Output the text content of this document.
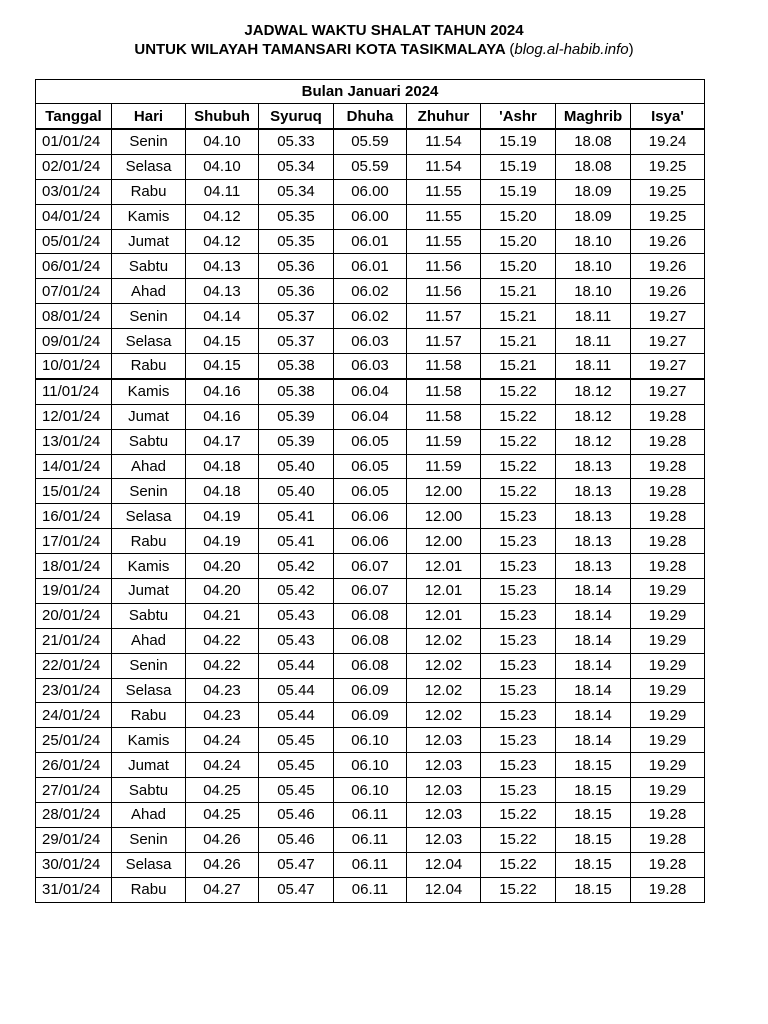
JADWAL WAKTU SHALAT TAHUN 2024
UNTUK WILAYAH TAMANSARI KOTA TASIKMALAYA (blog.al-habib.info)
Bulan Januari 2024								
Tanggal	Hari	Shubuh	Syuruq	Dhuha	Zhuhur	'Ashr	Maghrib	Isya'
01/01/24	Senin	04.10	05.33	05.59	11.54	15.19	18.08	19.24
02/01/24	Selasa	04.10	05.34	05.59	11.54	15.19	18.08	19.25
03/01/24	Rabu	04.11	05.34	06.00	11.55	15.19	18.09	19.25
04/01/24	Kamis	04.12	05.35	06.00	11.55	15.20	18.09	19.25
05/01/24	Jumat	04.12	05.35	06.01	11.55	15.20	18.10	19.26
06/01/24	Sabtu	04.13	05.36	06.01	11.56	15.20	18.10	19.26
07/01/24	Ahad	04.13	05.36	06.02	11.56	15.21	18.10	19.26
08/01/24	Senin	04.14	05.37	06.02	11.57	15.21	18.11	19.27
09/01/24	Selasa	04.15	05.37	06.03	11.57	15.21	18.11	19.27
10/01/24	Rabu	04.15	05.38	06.03	11.58	15.21	18.11	19.27
11/01/24	Kamis	04.16	05.38	06.04	11.58	15.22	18.12	19.27
12/01/24	Jumat	04.16	05.39	06.04	11.58	15.22	18.12	19.28
13/01/24	Sabtu	04.17	05.39	06.05	11.59	15.22	18.12	19.28
14/01/24	Ahad	04.18	05.40	06.05	11.59	15.22	18.13	19.28
15/01/24	Senin	04.18	05.40	06.05	12.00	15.22	18.13	19.28
16/01/24	Selasa	04.19	05.41	06.06	12.00	15.23	18.13	19.28
17/01/24	Rabu	04.19	05.41	06.06	12.00	15.23	18.13	19.28
18/01/24	Kamis	04.20	05.42	06.07	12.01	15.23	18.13	19.28
19/01/24	Jumat	04.20	05.42	06.07	12.01	15.23	18.14	19.29
20/01/24	Sabtu	04.21	05.43	06.08	12.01	15.23	18.14	19.29
21/01/24	Ahad	04.22	05.43	06.08	12.02	15.23	18.14	19.29
22/01/24	Senin	04.22	05.44	06.08	12.02	15.23	18.14	19.29
23/01/24	Selasa	04.23	05.44	06.09	12.02	15.23	18.14	19.29
24/01/24	Rabu	04.23	05.44	06.09	12.02	15.23	18.14	19.29
25/01/24	Kamis	04.24	05.45	06.10	12.03	15.23	18.14	19.29
26/01/24	Jumat	04.24	05.45	06.10	12.03	15.23	18.15	19.29
27/01/24	Sabtu	04.25	05.45	06.10	12.03	15.23	18.15	19.29
28/01/24	Ahad	04.25	05.46	06.11	12.03	15.22	18.15	19.28
29/01/24	Senin	04.26	05.46	06.11	12.03	15.22	18.15	19.28
30/01/24	Selasa	04.26	05.47	06.11	12.04	15.22	18.15	19.28
31/01/24	Rabu	04.27	05.47	06.11	12.04	15.22	18.15	19.28
